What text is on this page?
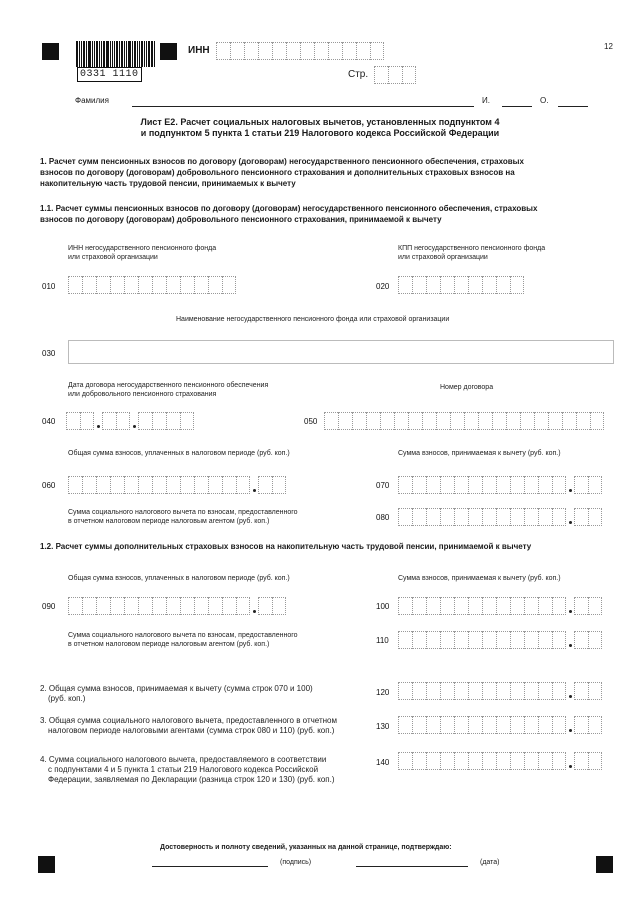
0331 1110
ИНН
Стр.
12
Фамилия	И.	О.
Лист Е2. Расчет социальных налоговых вычетов, установленных подпунктом 4
и подпунктом 5 пункта 1 статьи 219 Налогового кодекса Российской Федерации
1. Расчет сумм пенсионных взносов по договору (договорам) негосударственного пенсионного обеспечения, страховых
взносов по договору (договорам) добровольного пенсионного страхования и дополнительных страховых взносов на
накопительную часть трудовой пенсии, принимаемых к вычету
1.1. Расчет суммы пенсионных взносов по договору (договорам) негосударственного пенсионного обеспечения, страховых
взносов по договору (договорам) добровольного пенсионного страхования, принимаемой к вычету
ИНН негосударственного пенсионного фонда
или страховой организации
КПП негосударственного пенсионного фонда
или страховой организации
010	020
Наименование негосударственного пенсионного фонда или страховой организации
030
Дата договора негосударственного пенсионного обеспечения
или добровольного пенсионного страхования
Номер договора
040	050
Общая сумма взносов, уплаченных в налоговом периоде (руб. коп.)	Сумма взносов, принимаемая к вычету (руб. коп.)
060	070
Сумма социального налогового вычета по взносам, предоставленного
в отчетном налоговом периоде налоговым агентом (руб. коп.)	080
1.2. Расчет суммы дополнительных страховых взносов на накопительную часть трудовой пенсии, принимаемой к вычету
Общая сумма взносов, уплаченных в налоговом периоде (руб. коп.)	Сумма взносов, принимаемая к вычету (руб. коп.)
090	100
Сумма социального налогового вычета по взносам, предоставленного
в отчетном налоговом периоде налоговым агентом (руб. коп.)	110
2. Общая сумма взносов, принимаемая к вычету (сумма строк 070 и 100)
(руб. коп.)
120
3. Общая сумма социального налогового вычета, предоставленного в отчетном
налоговом периоде налоговыми агентами (сумма строк 080 и 110) (руб. коп.)	130
4. Сумма социального налогового вычета, предоставляемого в соответствии
с подпунктами 4 и 5 пункта 1 статьи 219 Налогового кодекса Российской
Федерации, заявляемая по Декларации (разница строк 120 и 130) (руб. коп.)
140
Достоверность и полноту сведений, указанных на данной странице, подтверждаю:
(подпись)	(дата)
